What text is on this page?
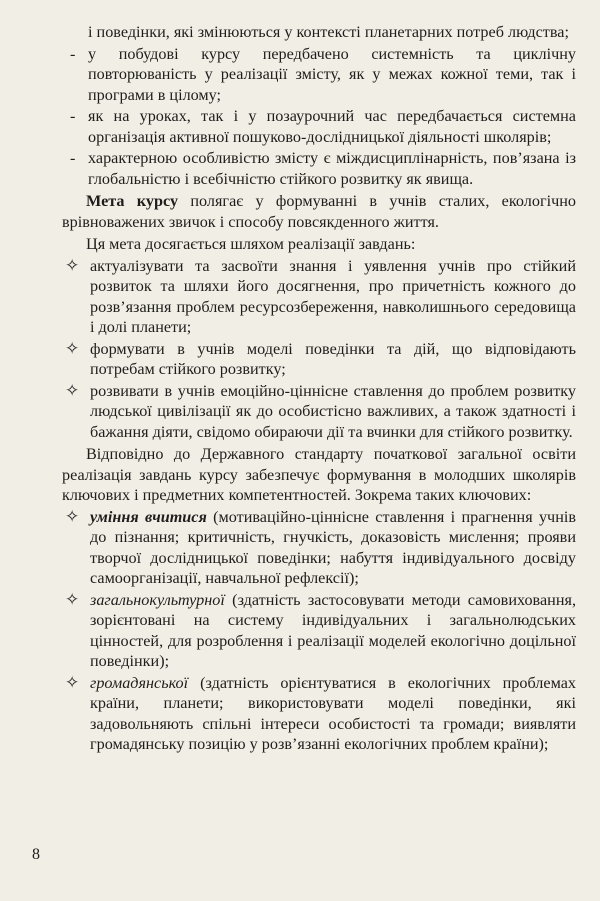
і поведінки, які змінюються у контексті планетарних потреб людства;

- у побудові курсу передбачено системність та циклічну повторюваність у реалізації змісту, як у межах кожної теми, так і програми в цілому;
- як на уроках, так і у позаурочний час передбачається системна організація активної пошуково-дослідницької діяльності школярів;
- характерною особливістю змісту є міждисциплінарність, пов’язана із глобальністю і всебічністю стійкого розвитку як явища.

Мета курсу полягає у формуванні в учнів сталих, екологічно врівноважених звичок і способу повсякденного життя.

Ця мета досягається шляхом реалізації завдань:

✧ актуалізувати та засвоїти знання і уявлення учнів про стійкий розвиток та шляхи його досягнення, про причетність кожного до розв’язання проблем ресурсозбереження, навколишнього середовища і долі планети;
✧ формувати в учнів моделі поведінки та дій, що відповідають потребам стійкого розвитку;
✧ розвивати в учнів емоційно-ціннісне ставлення до проблем розвитку людської цивілізації як до особистісно важливих, а також здатності і бажання діяти, свідомо обираючи дії та вчинки для стійкого розвитку.

Відповідно до Державного стандарту початкової загальної освіти реалізація завдань курсу забезпечує формування в молодших школярів ключових і предметних компетентностей. Зокрема таких ключових:

✧ уміння вчитися (мотиваційно-ціннісне ставлення і прагнення учнів до пізнання; критичність, гнучкість, доказовість мислення; прояви творчої дослідницької поведінки; набуття індивідуального досвіду самоорганізації, навчальної рефлексії);
✧ загальнокультурної (здатність застосовувати методи самовиховання, зорієнтовані на систему індивідуальних і загальнолюдських цінностей, для розроблення і реалізації моделей екологічно доцільної поведінки);
✧ громадянської (здатність орієнтуватися в екологічних проблемах країни, планети; використовувати моделі поведінки, які задовольняють спільні інтереси особистості та громади; виявляти громадянську позицію у розв’язанні екологічних проблем країни);
8
